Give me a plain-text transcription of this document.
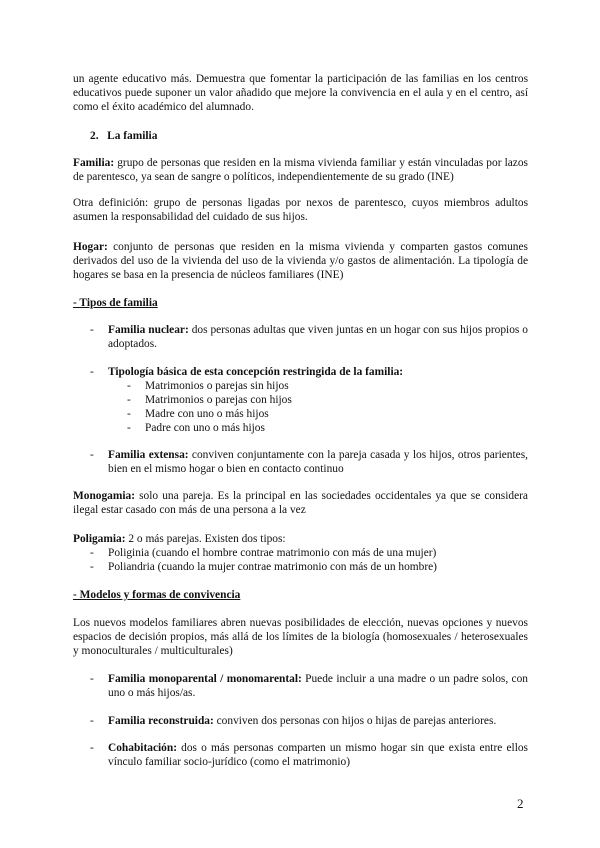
un agente educativo más. Demuestra que fomentar la participación de las familias en los centros educativos puede suponer un valor añadido que mejore la convivencia en el aula y en el centro, así como el éxito académico del alumnado.

2. La familia

Familia: grupo de personas que residen en la misma vivienda familiar y están vinculadas por lazos de parentesco, ya sean de sangre o políticos, independientemente de su grado (INE)

Otra definición: grupo de personas ligadas por nexos de parentesco, cuyos miembros adultos asumen la responsabilidad del cuidado de sus hijos.

Hogar: conjunto de personas que residen en la misma vivienda y comparten gastos comunes derivados del uso de la vivienda del uso de la vivienda y/o gastos de alimentación. La tipología de hogares se basa en la presencia de núcleos familiares (INE)

- Tipos de familia
- Familia nuclear: dos personas adultas que viven juntas en un hogar con sus hijos propios o adoptados.

- Tipología básica de esta concepción restringida de la familia:
- Matrimonios o parejas sin hijos
- Matrimonios o parejas con hijos
- Madre con uno o más hijos
- Padre con uno o más hijos
- Familia extensa: conviven conjuntamente con la pareja casada y los hijos, otros parientes, bien en el mismo hogar o bien en contacto continuo

Monogamia: solo una pareja. Es la principal en las sociedades occidentales ya que se considera ilegal estar casado con más de una persona a la vez

Poligamia: 2 o más parejas. Existen dos tipos:

- Poliginia (cuando el hombre contrae matrimonio con más de una mujer)
- Poliandria (cuando la mujer contrae matrimonio con más de un hombre)
- Modelos y formas de convivencia

Los nuevos modelos familiares abren nuevas posibilidades de elección, nuevas opciones y nuevos espacios de decisión propios, más allá de los límites de la biología (homosexuales / heterosexuales y monoculturales / multiculturales)

- Familia monoparental / monomarental: Puede incluir a una madre o un padre solos, con uno o más hijos/as.

- Familia reconstruida: conviven dos personas con hijos o hijas de parejas anteriores.

- Cohabitación: dos o más personas comparten un mismo hogar sin que exista entre ellos vínculo familiar socio-jurídico (como el matrimonio)

2
